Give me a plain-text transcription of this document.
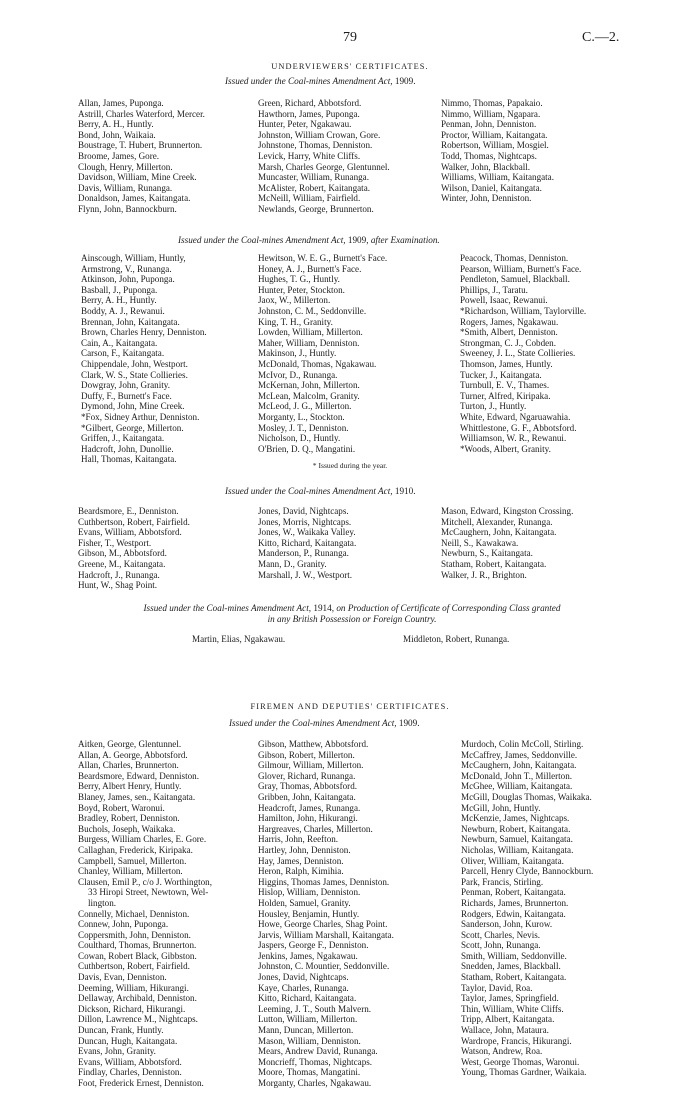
79	C.—2.
UNDERVIEWERS' CERTIFICATES.
Issued under the Coal-mines Amendment Act, 1909.
Allan, James, Puponga.
Astrill, Charles Waterford, Mercer.
Berry, A. H., Huntly.
Bond, John, Waikaia.
Boustrage, T. Hubert, Brunnerton.
Broome, James, Gore.
Clough, Henry, Millerton.
Davidson, William, Mine Creek.
Davis, William, Runanga.
Donaldson, James, Kaitangata.
Flynn, John, Bannockburn.
Green, Richard, Abbotsford.
Hawthorn, James, Puponga.
Hunter, Peter, Ngakawau.
Johnston, William Crowan, Gore.
Johnstone, Thomas, Denniston.
Levick, Harry, White Cliffs.
Marsh, Charles George, Glentunnel.
Muncaster, William, Runanga.
McAlister, Robert, Kaitangata.
McNeill, William, Fairfield.
Newlands, George, Brunnerton.
Nimmo, Thomas, Papakaio.
Nimmo, William, Ngapara.
Penman, John, Denniston.
Proctor, William, Kaitangata.
Robertson, William, Mosgiel.
Todd, Thomas, Nightcaps.
Walker, John, Blackball.
Williams, William, Kaitangata.
Wilson, Daniel, Kaitangata.
Winter, John, Denniston.
Issued under the Coal-mines Amendment Act, 1909, after Examination.
Ainscough, William, Huntly,
Armstrong, V., Runanga.
Atkinson, John, Puponga.
Basball, J., Puponga.
Berry, A. H., Huntly.
Boddy, A. J., Rewanui.
Brennan, John, Kaitangata.
Brown, Charles Henry, Denniston.
Cain, A., Kaitangata.
Carson, F., Kaitangata.
Chippendale, John, Westport.
Clark, W. S., State Collieries.
Dowgray, John, Granity.
Duffy, F., Burnett's Face.
Dymond, John, Mine Creek.
*Fox, Sidney Arthur, Denniston.
*Gilbert, George, Millerton.
Griffen, J., Kaitangata.
Hadcroft, John, Dunollie.
Hall, Thomas, Kaitangata.
Hewitson, W. E. G., Burnett's Face.
Honey, A. J., Burnett's Face.
Hughes, T. G., Huntly.
Hunter, Peter, Stockton.
Jaox, W., Millerton.
Johnston, C. M., Seddonville.
King, T. H., Granity.
Lowden, William, Millerton.
Maher, William, Denniston.
Makinson, J., Huntly.
McDonald, Thomas, Ngakawau.
McIvor, D., Runanga.
McKernan, John, Millerton.
McLean, Malcolm, Granity.
McLeod, J. G., Millerton.
Morganty, L., Stockton.
Mosley, J. T., Denniston.
Nicholson, D., Huntly.
O'Brien, D. Q., Mangatini.
Peacock, Thomas, Denniston.
Pearson, William, Burnett's Face.
Pendleton, Samuel, Blackball.
Phillips, J., Taratu.
Powell, Isaac, Rewanui.
*Richardson, William, Taylorville.
Rogers, James, Ngakawau.
*Smith, Albert, Denniston.
Strongman, C. J., Cobden.
Sweeney, J. L., State Collieries.
Thomson, James, Huntly.
Tucker, J., Kaitangata.
Turnbull, E. V., Thames.
Turner, Alfred, Kiripaka.
Turton, J., Huntly.
White, Edward, Ngaruawahia.
Whittlestone, G. F., Abbotsford.
Williamson, W. R., Rewanui.
*Woods, Albert, Granity.
* Issued during the year.
Issued under the Coal-mines Amendment Act, 1910.
Beardsmore, E., Denniston.
Cuthbertson, Robert, Fairfield.
Evans, William, Abbotsford.
Fisher, T., Westport.
Gibson, M., Abbotsford.
Greene, M., Kaitangata.
Hadcroft, J., Runanga.
Hunt, W., Shag Point.
Jones, David, Nightcaps.
Jones, Morris, Nightcaps.
Jones, W., Waikaka Valley.
Kitto, Richard, Kaitangata.
Manderson, P., Runanga.
Mann, D., Granity.
Marshall, J. W., Westport.
Mason, Edward, Kingston Crossing.
Mitchell, Alexander, Runanga.
McCaughern, John, Kaitangata.
Neill, S., Kawakawa.
Newburn, S., Kaitangata.
Statham, Robert, Kaitangata.
Walker, J. R., Brighton.
Issued under the Coal-mines Amendment Act, 1914, on Production of Certificate of Corresponding Class granted
in any British Possession or Foreign Country.
Martin, Elias, Ngakawau.	Middleton, Robert, Runanga.
FIREMEN AND DEPUTIES' CERTIFICATES.
Issued under the Coal-mines Amendment Act, 1909.
Aitken, George, Glentunnel.
Allan, A. George, Abbotsford.
Allan, Charles, Brunnerton.
Beardsmore, Edward, Denniston.
Berry, Albert Henry, Huntly.
Blaney, James, sen., Kaitangata.
Boyd, Robert, Waronui.
Bradley, Robert, Denniston.
Buchols, Joseph, Waikaka.
Burgess, William Charles, E. Gore.
Callaghan, Frederick, Kiripaka.
Campbell, Samuel, Millerton.
Chanley, William, Millerton.
Clausen, Emil P., c/o J. Worthington,
33 Hiropi Street, Newtown, Wel-
lington.
Connelly, Michael, Denniston.
Connew, John, Puponga.
Coppersmith, John, Denniston.
Coulthard, Thomas, Brunnerton.
Cowan, Robert Black, Gibbston.
Cuthbertson, Robert, Fairfield.
Davis, Evan, Denniston.
Deeming, William, Hikurangi.
Dellaway, Archibald, Denniston.
Dickson, Richard, Hikurangi.
Dillon, Lawrence M., Nightcaps.
Duncan, Frank, Huntly.
Duncan, Hugh, Kaitangata.
Evans, John, Granity.
Evans, William, Abbotsford.
Findlay, Charles, Denniston.
Foot, Frederick Ernest, Denniston.
Gibson, Matthew, Abbotsford.
Gibson, Robert, Millerton.
Gilmour, William, Millerton.
Glover, Richard, Runanga.
Gray, Thomas, Abbotsford.
Gribben, John, Kaitangata.
Headcroft, James, Runanga.
Hamilton, John, Hikurangi.
Hargreaves, Charles, Millerton.
Harris, John, Reefton.
Hartley, John, Denniston.
Hay, James, Denniston.
Heron, Ralph, Kimihia.
Higgins, Thomas James, Denniston.
Hislop, William, Denniston.
Holden, Samuel, Granity.
Housley, Benjamin, Huntly.
Howe, George Charles, Shag Point.
Jarvis, William Marshall, Kaitangata.
Jaspers, George F., Denniston.
Jenkins, James, Ngakawau.
Johnston, C. Mountier, Seddonville.
Jones, David, Nightcaps.
Kaye, Charles, Runanga.
Kitto, Richard, Kaitangata.
Leeming, J. T., South Malvern.
Lutton, William, Millerton.
Mann, Duncan, Millerton.
Mason, William, Denniston.
Mears, Andrew David, Runanga.
Moncrieff, Thomas, Nightcaps.
Moore, Thomas, Mangatini.
Morganty, Charles, Ngakawau.
Murdoch, Colin McColl, Stirling.
McCaffrey, James, Seddonville.
McCaughern, John, Kaitangata.
McDonald, John T., Millerton.
McGhee, William, Kaitangata.
McGill, Douglas Thomas, Waikaka.
McGill, John, Huntly.
McKenzie, James, Nightcaps.
Newburn, Robert, Kaitangata.
Newburn, Samuel, Kaitangata.
Nicholas, William, Kaitangata.
Oliver, William, Kaitangata.
Parcell, Henry Clyde, Bannockburn.
Park, Francis, Stirling.
Penman, Robert, Kaitangata.
Richards, James, Brunnerton.
Rodgers, Edwin, Kaitangata.
Sanderson, John, Kurow.
Scott, Charles, Nevis.
Scott, John, Runanga.
Smith, William, Seddonville.
Snedden, James, Blackball.
Statham, Robert, Kaitangata.
Taylor, David, Roa.
Taylor, James, Springfield.
Thin, William, White Cliffs.
Tripp, Albert, Kaitangata.
Wallace, John, Mataura.
Wardrope, Francis, Hikurangi.
Watson, Andrew, Roa.
West, George Thomas, Waronui.
Young, Thomas Gardner, Waikaia.
